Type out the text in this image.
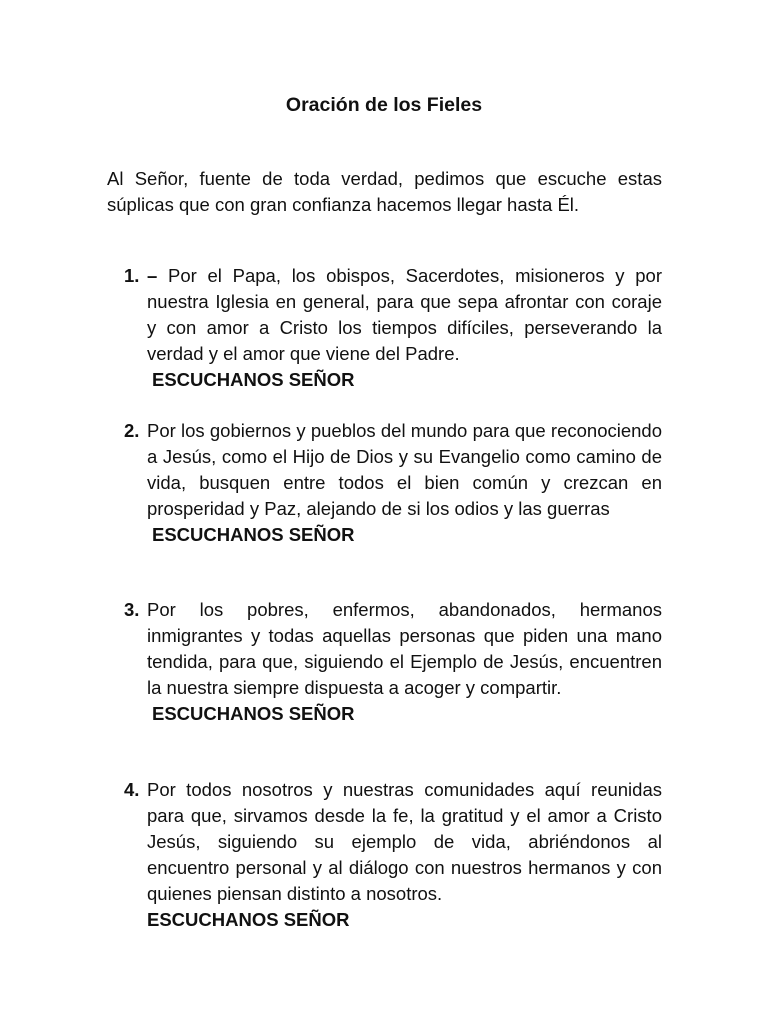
Oración de los Fieles
Al Señor, fuente de toda verdad, pedimos que escuche estas súplicas que con gran confianza hacemos llegar hasta Él.
1. – Por el Papa, los obispos, Sacerdotes, misioneros y por nuestra Iglesia en general, para que sepa afrontar con coraje y con amor a Cristo los tiempos difíciles, perseverando la verdad y el amor que viene del Padre.
ESCUCHANOS SEÑOR
2. Por los gobiernos y pueblos del mundo para que reconociendo a Jesús, como el Hijo de Dios y su Evangelio como camino de vida, busquen entre todos el bien común y crezcan en prosperidad y Paz, alejando de si los odios y las guerras
ESCUCHANOS SEÑOR
3. Por los pobres, enfermos, abandonados, hermanos inmigrantes y todas aquellas personas que piden una mano tendida, para que, siguiendo el Ejemplo de Jesús, encuentren la nuestra siempre dispuesta a acoger y compartir.
ESCUCHANOS SEÑOR
4. Por todos nosotros y nuestras comunidades aquí reunidas para que, sirvamos desde la fe, la gratitud y el amor a Cristo Jesús, siguiendo su ejemplo de vida, abriéndonos al encuentro personal y al diálogo con nuestros hermanos y con quienes piensan distinto a nosotros.
ESCUCHANOS SEÑOR
